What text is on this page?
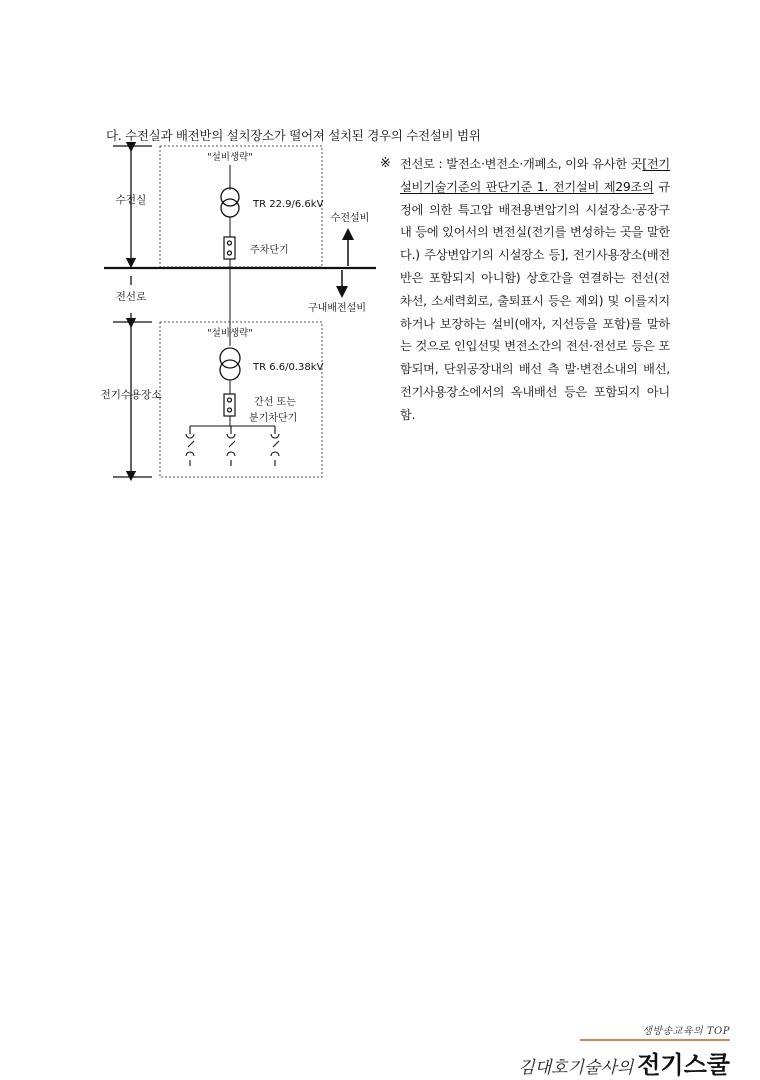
다. 수전실과 배전반의 설치장소가 떨어져 설치된 경우의 수전설비 범위
수전실
전선로
전기수용장소
"설비생략"
TR 22.9/6.6kV
주차단기
수전설비
구내배전설비
"설비생략"
TR 6.6/0.38kV
간선 또는
분기차단기
※ 전선로 : 발전소·변전소·개폐소, 이와 유사한 곳[전기설비기술기준의 판단기준 1. 전기설비 제29조의 규정에 의한 특고압 배전용변압기의 시설장소·공장구내 등에 있어서의 변전실(전기를 변성하는 곳을 말한다.) 주상변압기의 시설장소 등], 전기사용장소(배전반은 포함되지 아니함) 상호간을 연결하는 전선(전차선, 소세력회로, 출퇴표시 등은 제외) 및 이를지지하거나 보장하는 설비(애자, 지선등을 포함)를 말하는 것으로 인입선및 변전소간의 전선·전선로 등은 포함되며, 단위공장내의 배선 측 발·변전소내의 배선, 전기사용장소에서의 옥내배선 등은 포함되지 아니함.
생방송교육의 TOP
김대호기술사의 전기스쿨
